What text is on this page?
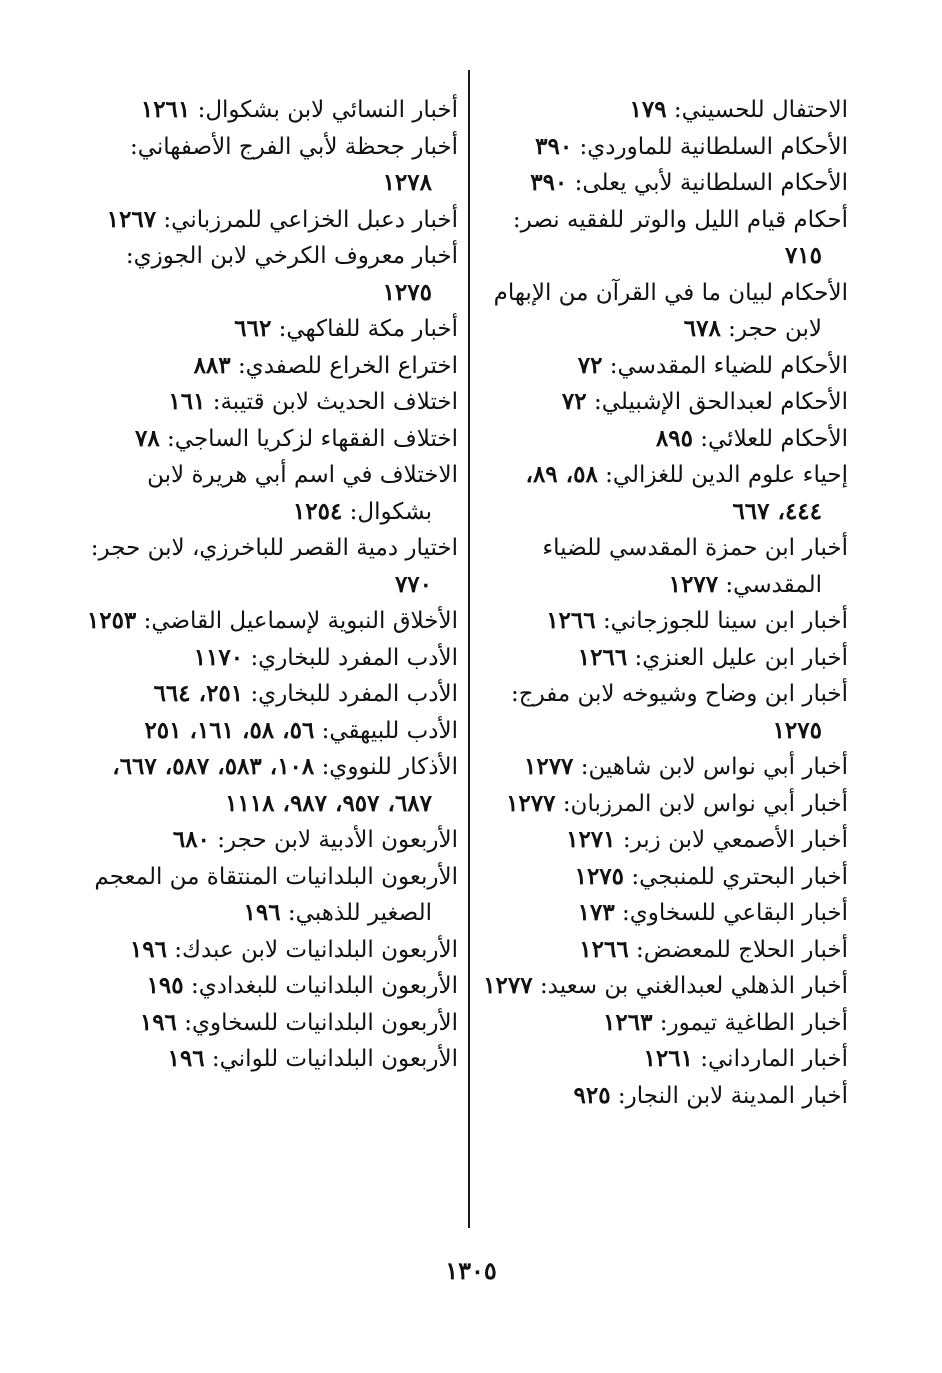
الاحتفال للحسيني: ١٧٩

الأحكام السلطانية للماوردي: ٣٩٠

الأحكام السلطانية لأبي يعلى: ٣٩٠

أحكام قيام الليل والوتر للفقيه نصر: ٧١٥

الأحكام لبيان ما في القرآن من الإبهام لابن حجر: ٦٧٨

الأحكام للضياء المقدسي: ٧٢

الأحكام لعبدالحق الإشبيلي: ٧٢

الأحكام للعلائي: ٨٩٥

إحياء علوم الدين للغزالي: ٥٨، ٨٩، ٤٤٤، ٦٦٧

أخبار ابن حمزة المقدسي للضياء المقدسي: ١٢٧٧

أخبار ابن سينا للجوزجاني: ١٢٦٦

أخبار ابن عليل العنزي: ١٢٦٦

أخبار ابن وضاح وشيوخه لابن مفرج: ١٢٧٥

أخبار أبي نواس لابن شاهين: ١٢٧٧

أخبار أبي نواس لابن المرزبان: ١٢٧٧

أخبار الأصمعي لابن زبر: ١٢٧١

أخبار البحتري للمنبجي: ١٢٧٥

أخبار البقاعي للسخاوي: ١٧٣

أخبار الحلاج للمعضض: ١٢٦٦

أخبار الذهلي لعبدالغني بن سعيد: ١٢٧٧

أخبار الطاغية تيمور: ١٢٦٣

أخبار المارداني: ١٢٦١

أخبار المدينة لابن النجار: ٩٢٥

أخبار النسائي لابن بشكوال: ١٢٦١

أخبار جحظة لأبي الفرج الأصفهاني: ١٢٧٨

أخبار دعبل الخزاعي للمرزباني: ١٢٦٧

أخبار معروف الكرخي لابن الجوزي: ١٢٧٥

أخبار مكة للفاكهي: ٦٦٢

اختراع الخراع للصفدي: ٨٨٣

اختلاف الحديث لابن قتيبة: ١٦١

اختلاف الفقهاء لزكريا الساجي: ٧٨

الاختلاف في اسم أبي هريرة لابن بشكوال: ١٢٥٤

اختيار دمية القصر للباخرزي، لابن حجر: ٧٧٠

الأخلاق النبوية لإسماعيل القاضي: ١٢٥٣

الأدب المفرد للبخاري: ١١٧٠

الأدب المفرد للبخاري: ٢٥١، ٦٦٤

الأدب للبيهقي: ٥٦، ٥٨، ١٦١، ٢٥١

الأذكار للنووي: ١٠٨، ٥٨٣، ٥٨٧، ٦٦٧، ٦٨٧، ٩٥٧، ٩٨٧، ١١١٨

الأربعون الأدبية لابن حجر: ٦٨٠

الأربعون البلدانيات المنتقاة من المعجم الصغير للذهبي: ١٩٦

الأربعون البلدانيات لابن عبدك: ١٩٦

الأربعون البلدانيات للبغدادي: ١٩٥

الأربعون البلدانيات للسخاوي: ١٩٦

الأربعون البلدانيات للواني: ١٩٦

١٣٠٥
